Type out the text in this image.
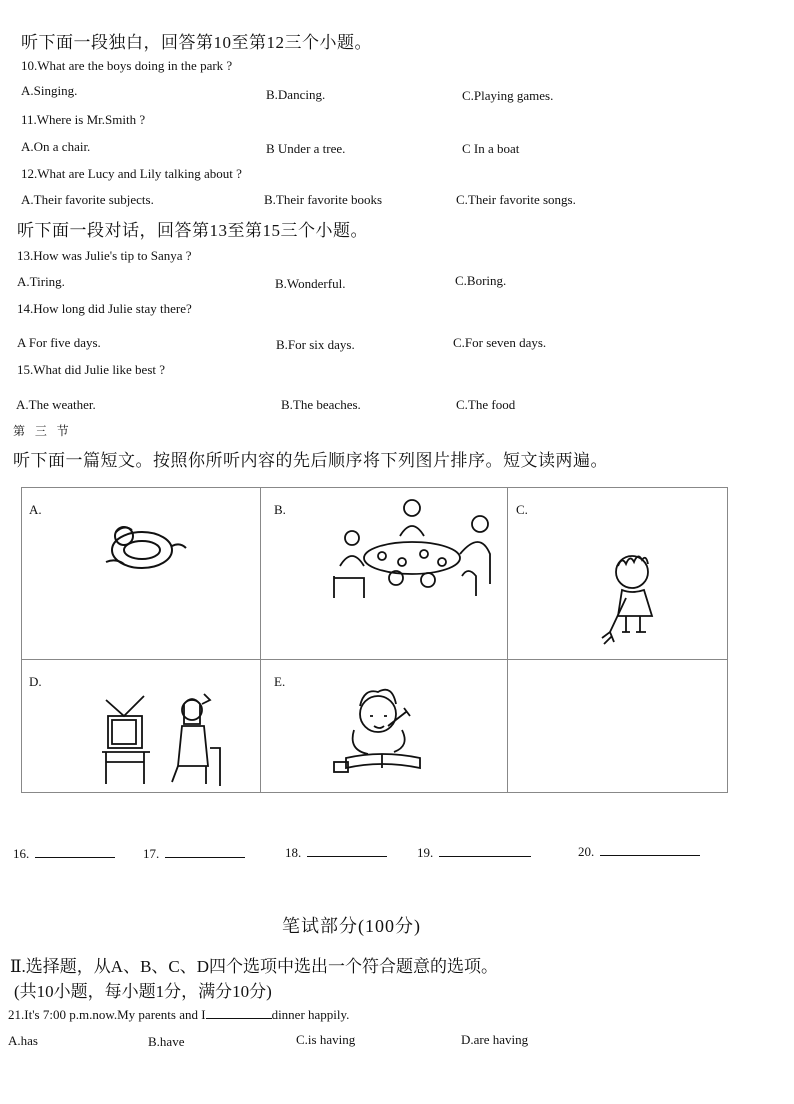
听下面一段独白，回答第10至第12三个小题。
10.What are the boys doing in the park ?
A.Singing.	B.Dancing.	C.Playing games.
11.Where is Mr.Smith ?
A.On a chair.	B Under a tree.	C In a boat
12.What are Lucy and Lily talking about ?
A.Their favorite subjects.	B.Their favorite books	C.Their favorite songs.
听下面一段对话，回答第13至第15三个小题。
13.How was Julie's tip to Sanya ?
A.Tiring.	B.Wonderful.	C.Boring.
14.How long did Julie stay there?
A For five days.	B.For six days.	C.For seven days.
15.What did Julie like best ?
A.The weather.	B.The beaches.	C.The food
第 三 节
听下面一篇短文。按照你所听内容的先后顺序将下列图片排序。短文读两遍。
A.	B.	C.
D.	E.
16.	17.	18.	19.	20.
笔试部分(100分)
Ⅱ.选择题，从A、B、C、D四个选项中选出一个符合题意的选项。
(共10小题，每小题1分，满分10分)
21.It's 7:00 p.m.now.My parents and I	dinner happily.
A.has	B.have	C.is having	D.are having
